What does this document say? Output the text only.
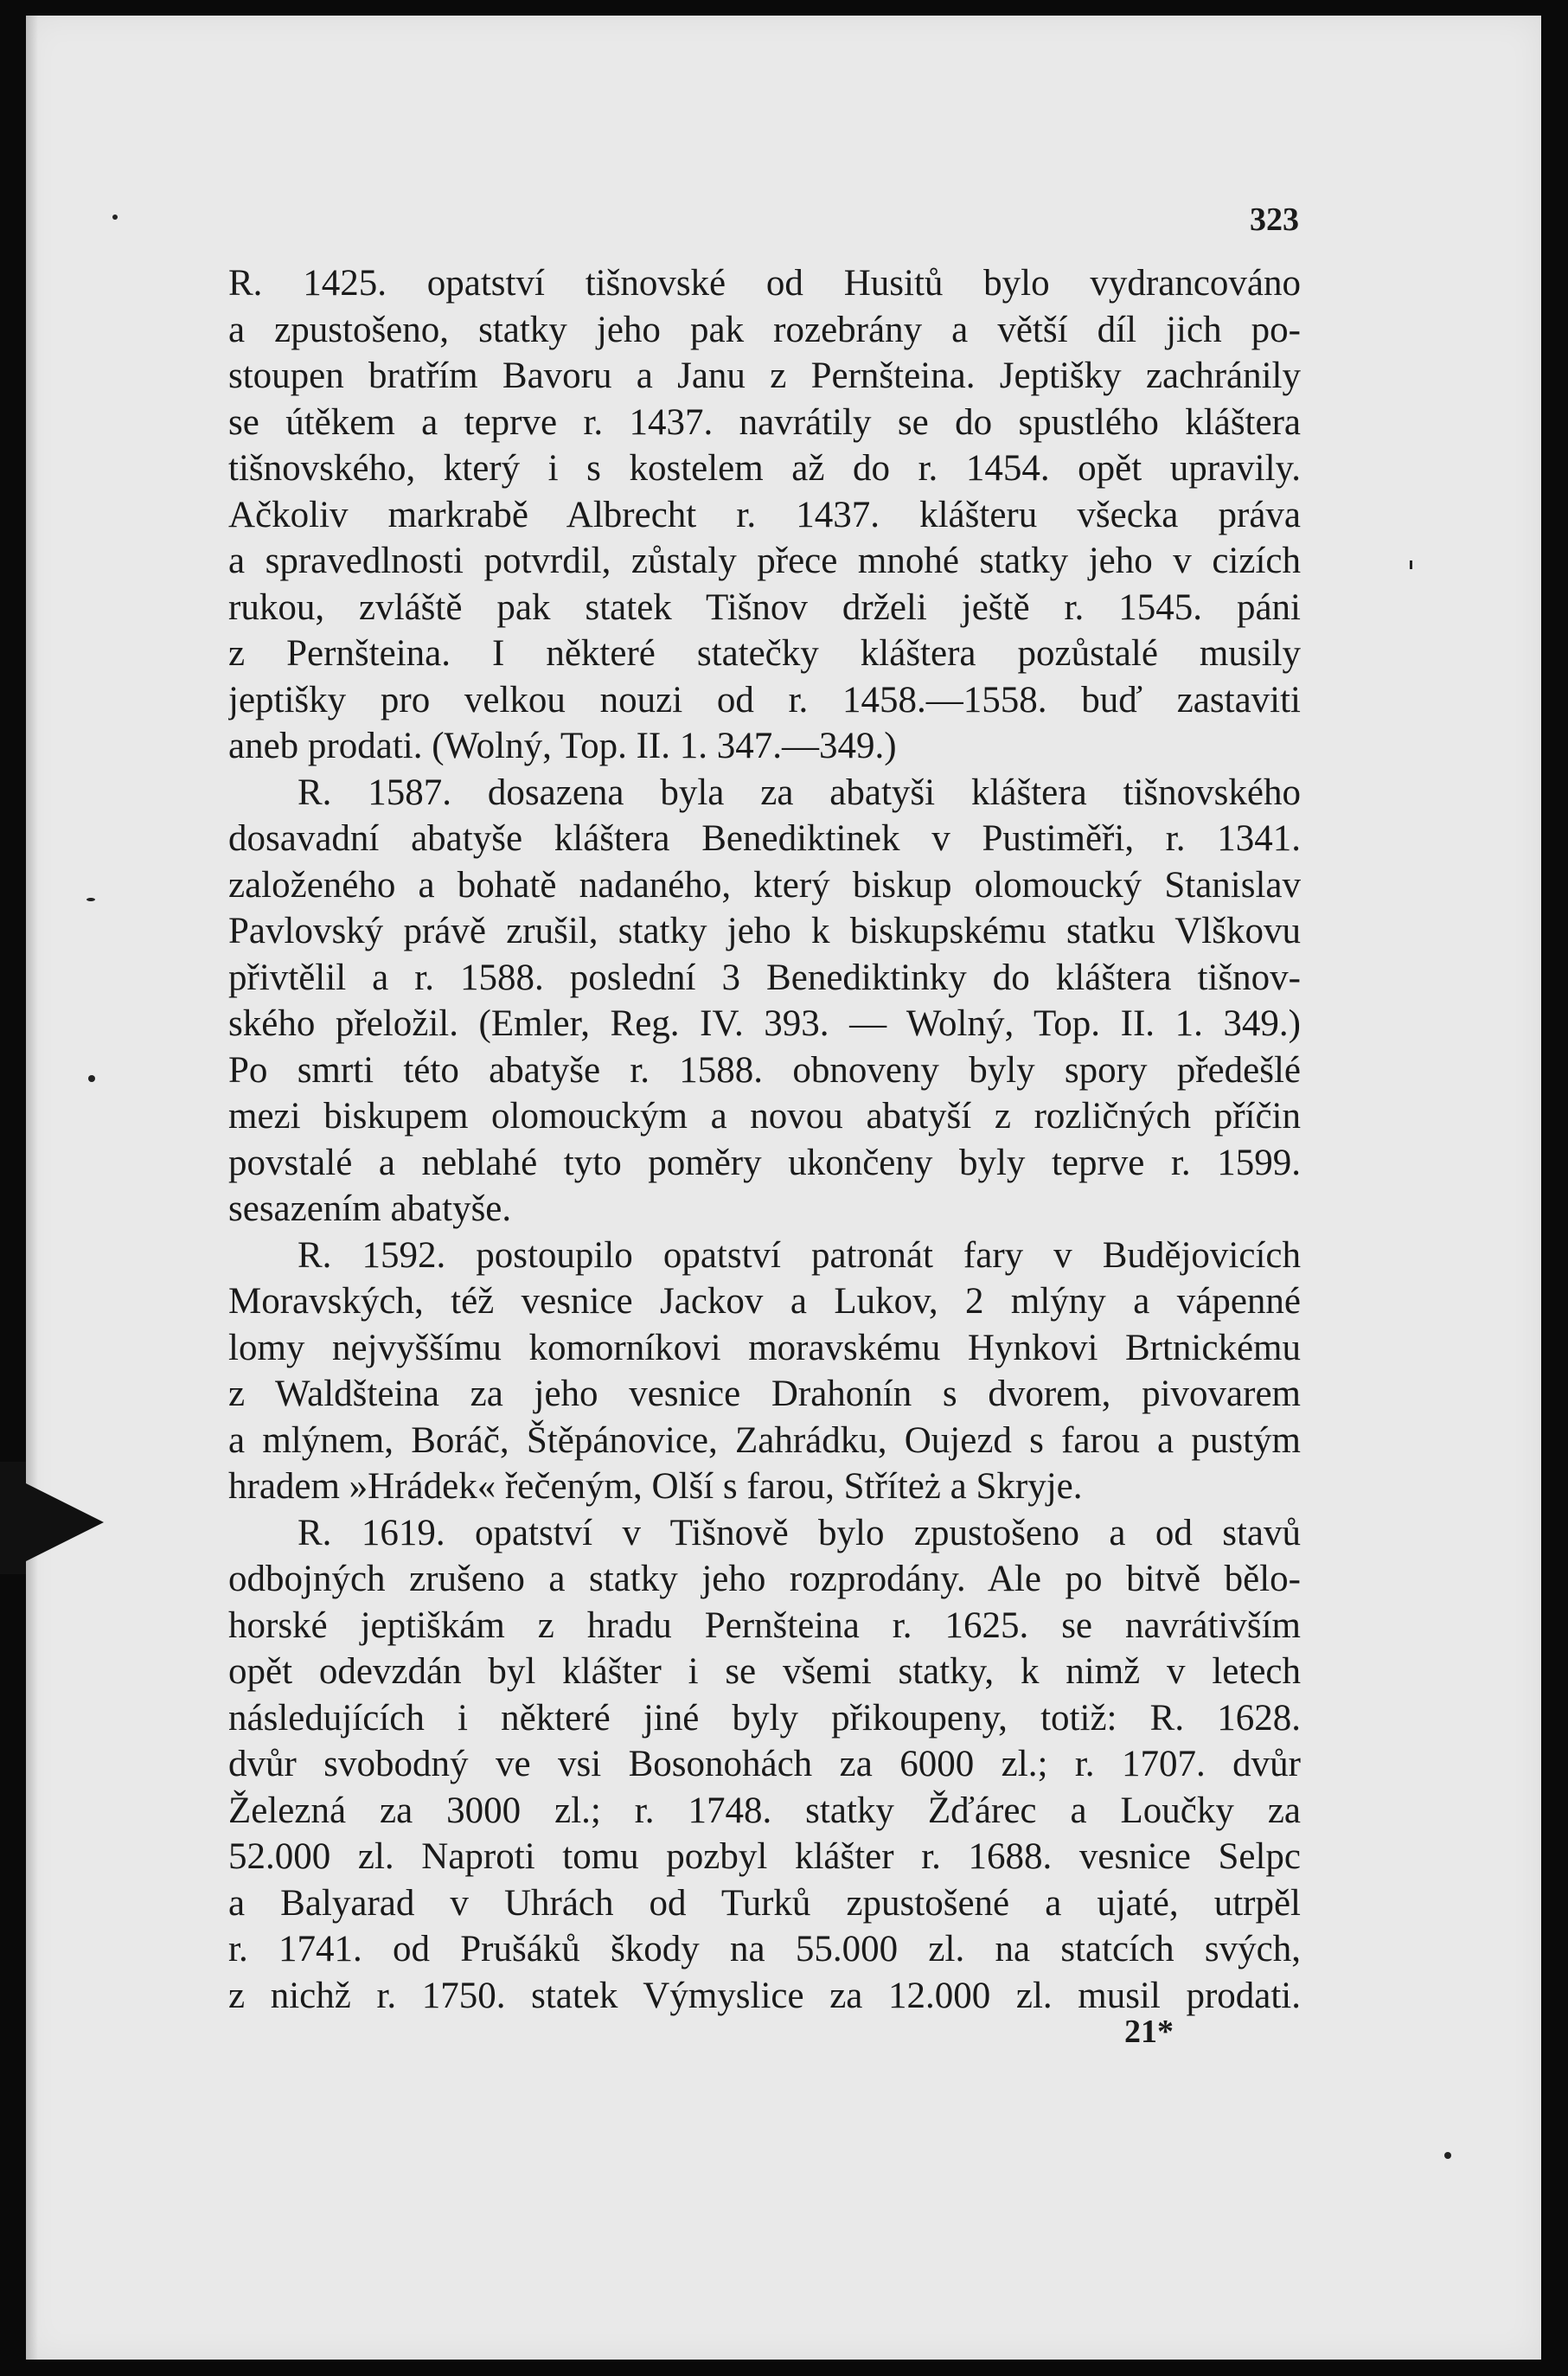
323
R. 1425. opatství tišnovské od Husitů bylo vydrancováno
a zpustošeno, statky jeho pak rozebrány a větší díl jich po-
stoupen bratřím Bavoru a Janu z Pernšteina. Jeptišky zachránily
se útěkem a teprve r. 1437. navrátily se do spustlého kláštera
tišnovského, který i s kostelem až do r. 1454. opět upravily.
Ačkoliv markrabě Albrecht r. 1437. klášteru všecka práva
a spravedlnosti potvrdil, zůstaly přece mnohé statky jeho v cizích
rukou, zvláště pak statek Tišnov drželi ještě r. 1545. páni
z Pernšteina. I některé statečky kláštera pozůstalé musily
jeptišky pro velkou nouzi od r. 1458.—1558. buď zastaviti
aneb prodati. (Wolný, Top. II. 1. 347.—349.)
R. 1587. dosazena byla za abatyši kláštera tišnovského
dosavadní abatyše kláštera Benediktinek v Pustiměři, r. 1341.
založeného a bohatě nadaného, který biskup olomoucký Stanislav
Pavlovský právě zrušil, statky jeho k biskupskému statku Vlškovu
přivtělil a r. 1588. poslední 3 Benediktinky do kláštera tišnov-
ského přeložil. (Emler, Reg. IV. 393. — Wolný, Top. II. 1. 349.)
Po smrti této abatyše r. 1588. obnoveny byly spory předešlé
mezi biskupem olomouckým a novou abatyší z rozličných příčin
povstalé a neblahé tyto poměry ukončeny byly teprve r. 1599.
sesazením abatyše.
R. 1592. postoupilo opatství patronát fary v Budějovicích
Moravských, též vesnice Jackov a Lukov, 2 mlýny a vápenné
lomy nejvyššímu komorníkovi moravskému Hynkovi Brtnickému
z Waldšteina za jeho vesnice Drahonín s dvorem, pivovarem
a mlýnem, Boráč, Štěpánovice, Zahrádku, Oujezd s farou a pustým
hradem »Hrádek« řečeným, Olší s farou, Stříteż a Skryje.
R. 1619. opatství v Tišnově bylo zpustošeno a od stavů
odbojných zrušeno a statky jeho rozprodány. Ale po bitvě bělo-
horské jeptiškám z hradu Pernšteina r. 1625. se navrátivším
opět odevzdán byl klášter i se všemi statky, k nimž v letech
následujících i některé jiné byly přikoupeny, totiž: R. 1628.
dvůr svobodný ve vsi Bosonohách za 6000 zl.; r. 1707. dvůr
Železná za 3000 zl.; r. 1748. statky Žďárec a Loučky za
52.000 zl. Naproti tomu pozbyl klášter r. 1688. vesnice Selpc
a Balyarad v Uhrách od Turků zpustošené a ujaté, utrpěl
r. 1741. od Prušáků škody na 55.000 zl. na statcích svých,
z nichž r. 1750. statek Výmyslice za 12.000 zl. musil prodati.
21*
